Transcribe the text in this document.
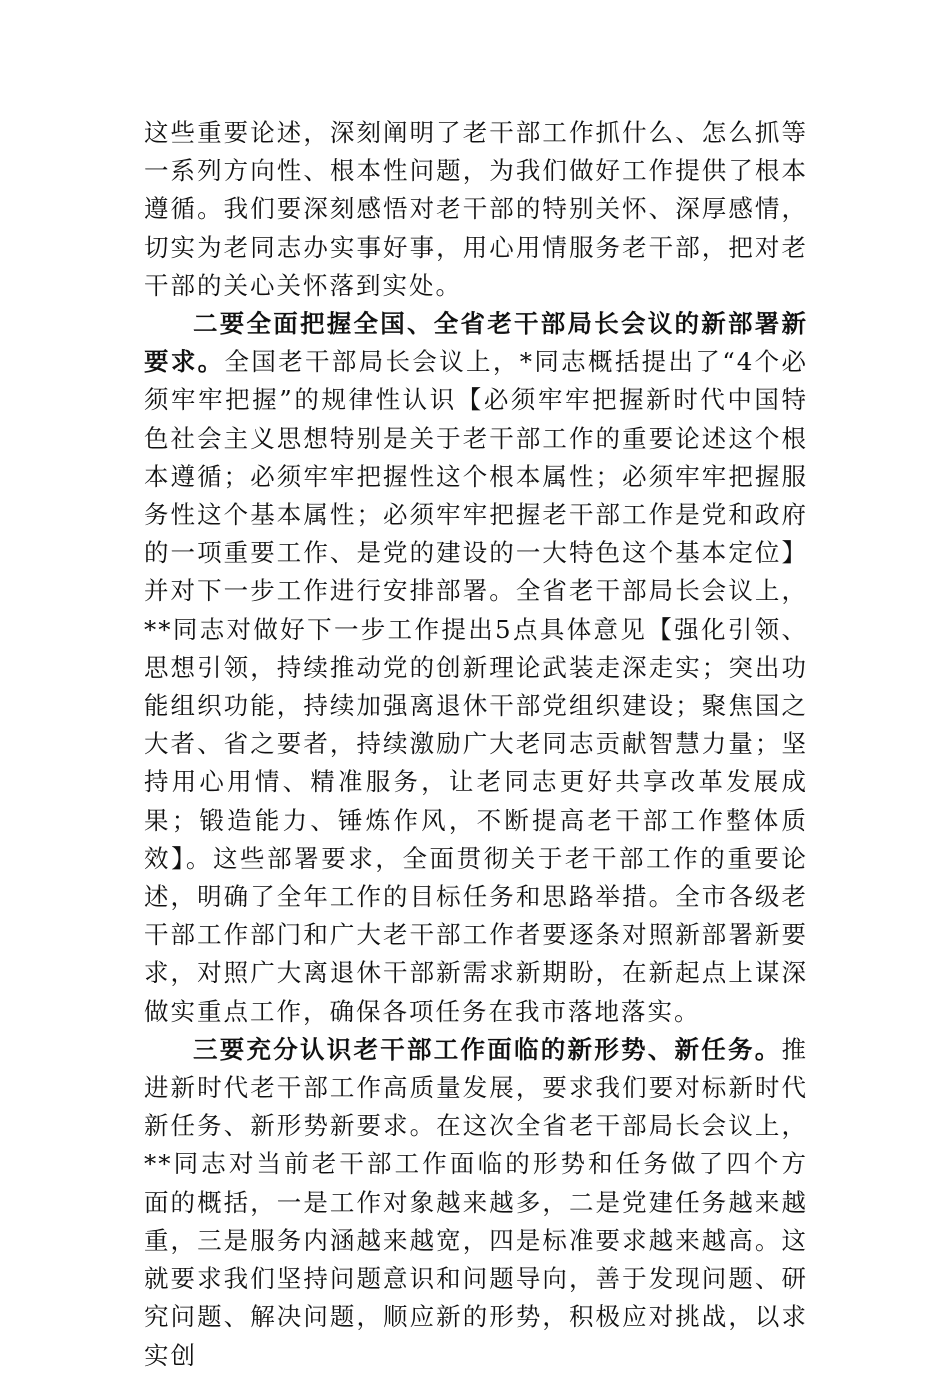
这些重要论述，深刻阐明了老干部工作抓什么、怎么抓等一系列方向性、根本性问题，为我们做好工作提供了根本遵循。我们要深刻感悟对老干部的特别关怀、深厚感情，切实为老同志办实事好事，用心用情服务老干部，把对老干部的关心关怀落到实处。

二要全面把握全国、全省老干部局长会议的新部署新要求。全国老干部局长会议上，*同志概括提出了“4个必须牢牢把握”的规律性认识【必须牢牢把握新时代中国特色社会主义思想特别是关于老干部工作的重要论述这个根本遵循；必须牢牢把握性这个根本属性；必须牢牢把握服务性这个基本属性；必须牢牢把握老干部工作是党和政府的一项重要工作、是党的建设的一大特色这个基本定位】并对下一步工作进行安排部署。全省老干部局长会议上，**同志对做好下一步工作提出5点具体意见【强化引领、思想引领，持续推动党的创新理论武装走深走实；突出功能组织功能，持续加强离退休干部党组织建设；聚焦国之大者、省之要者，持续激励广大老同志贡献智慧力量；坚持用心用情、精准服务，让老同志更好共享改革发展成果；锻造能力、锤炼作风，不断提高老干部工作整体质效】。这些部署要求，全面贯彻关于老干部工作的重要论述，明确了全年工作的目标任务和思路举措。全市各级老干部工作部门和广大老干部工作者要逐条对照新部署新要求，对照广大离退休干部新需求新期盼，在新起点上谋深做实重点工作，确保各项任务在我市落地落实。

三要充分认识老干部工作面临的新形势、新任务。推进新时代老干部工作高质量发展，要求我们要对标新时代新任务、新形势新要求。在这次全省老干部局长会议上，**同志对当前老干部工作面临的形势和任务做了四个方面的概括，一是工作对象越来越多，二是党建任务越来越重，三是服务内涵越来越宽，四是标准要求越来越高。这就要求我们坚持问题意识和问题导向，善于发现问题、研究问题、解决问题，顺应新的形势，积极应对挑战，以求实创
